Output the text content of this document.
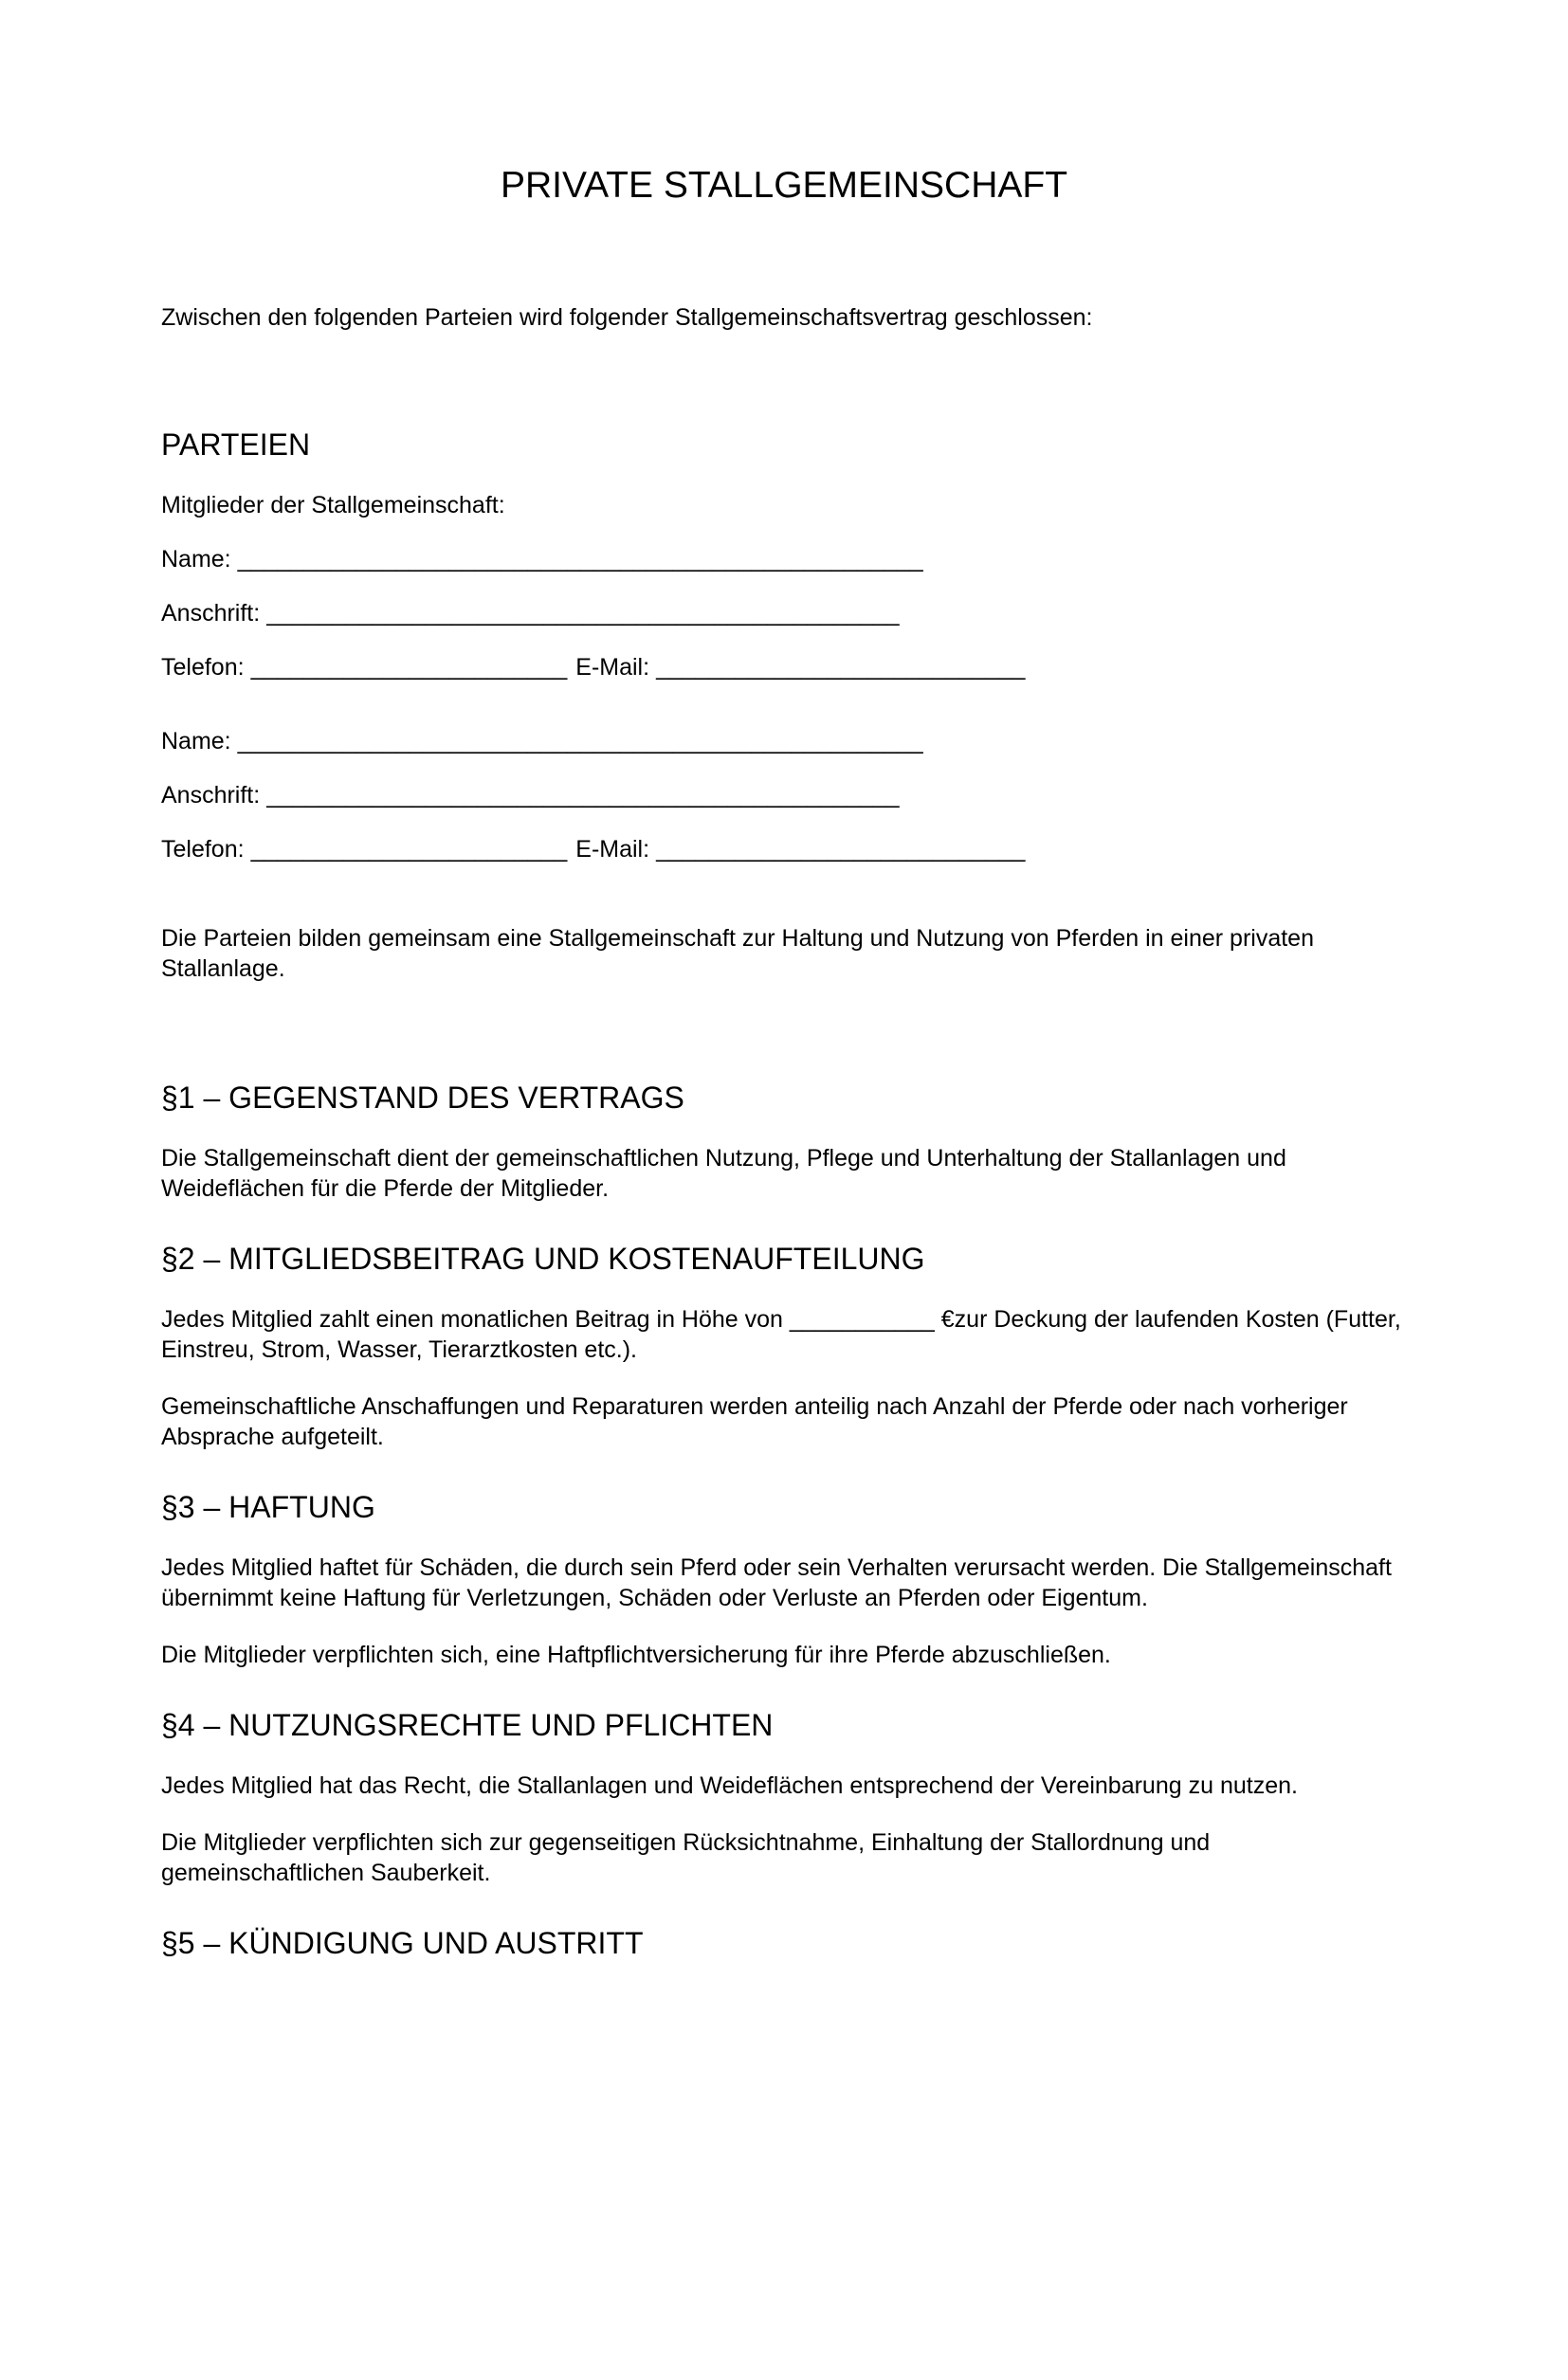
PRIVATE STALLGEMEINSCHAFT

Zwischen den folgenden Parteien wird folgender Stallgemeinschaftsvertrag geschlossen:

PARTEIEN

Mitglieder der Stallgemeinschaft:

Name: ____________________________________________________
Anschrift: ________________________________________________
Telefon: ________________________ E-Mail: ____________________________
Name: ____________________________________________________
Anschrift: ________________________________________________
Telefon: ________________________ E-Mail: ____________________________

Die Parteien bilden gemeinsam eine Stallgemeinschaft zur Haltung und Nutzung von Pferden in einer privaten Stallanlage.

§1 – GEGENSTAND DES VERTRAGS

Die Stallgemeinschaft dient der gemeinschaftlichen Nutzung, Pflege und Unterhaltung der Stallanlagen und Weideflächen für die Pferde der Mitglieder.

§2 – MITGLIEDSBEITRAG UND KOSTENAUFTEILUNG

Jedes Mitglied zahlt einen monatlichen Beitrag in Höhe von ___________ €zur Deckung der laufenden Kosten (Futter, Einstreu, Strom, Wasser, Tierarztkosten etc.).

Gemeinschaftliche Anschaffungen und Reparaturen werden anteilig nach Anzahl der Pferde oder nach vorheriger Absprache aufgeteilt.

§3 – HAFTUNG

Jedes Mitglied haftet für Schäden, die durch sein Pferd oder sein Verhalten verursacht werden. Die Stallgemeinschaft übernimmt keine Haftung für Verletzungen, Schäden oder Verluste an Pferden oder Eigentum.

Die Mitglieder verpflichten sich, eine Haftpflichtversicherung für ihre Pferde abzuschließen.

§4 – NUTZUNGSRECHTE UND PFLICHTEN

Jedes Mitglied hat das Recht, die Stallanlagen und Weideflächen entsprechend der Vereinbarung zu nutzen.

Die Mitglieder verpflichten sich zur gegenseitigen Rücksichtnahme, Einhaltung der Stallordnung und gemeinschaftlichen Sauberkeit.

§5 – KÜNDIGUNG UND AUSTRITT
